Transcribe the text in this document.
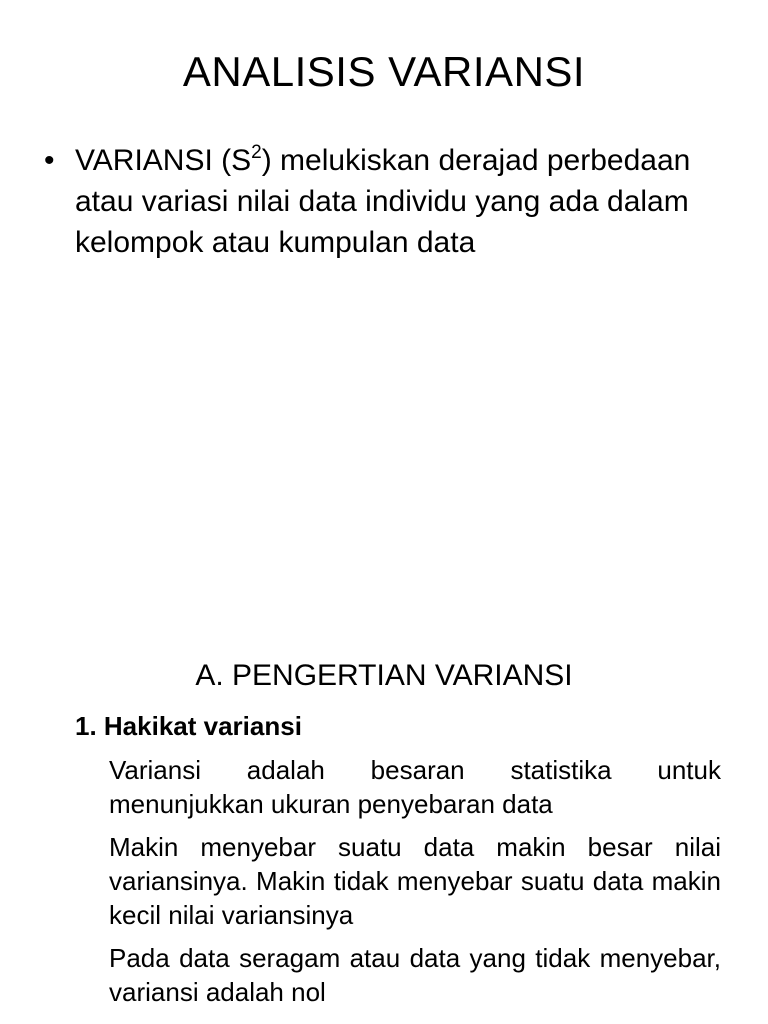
ANALISIS VARIANSI
• VARIANSI $(S^2)$ melukiskan derajad perbedaan atau variasi nilai data individu yang ada dalam kelompok atau kumpulan data
A. PENGERTIAN VARIANSI
1. Hakikat variansi

Variansi adalah besaran statistika untuk menunjukkan ukuran penyebaran data

Makin menyebar suatu data makin besar nilai variansinya. Makin tidak menyebar suatu data makin kecil nilai variansinya

Pada data seragam atau data yang tidak menyebar, variansi adalah nol
